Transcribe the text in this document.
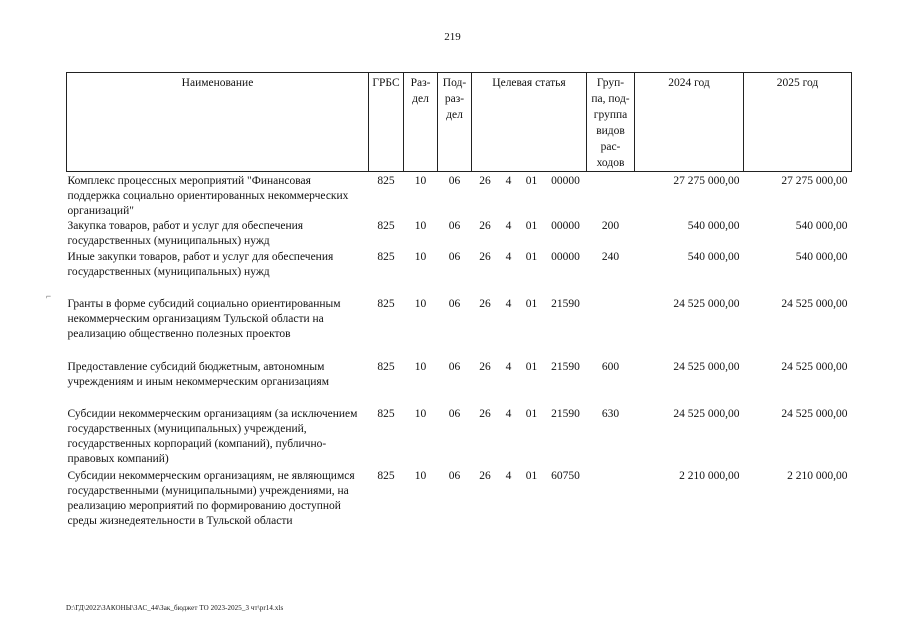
219
⌐
Наименование	ГРБС	Раз-дел	Под-раз-дел	Целевая статья				Груп-па, под-группа видов рас-ходов	2024 год	2025 год
Комплекс процессных мероприятий "Финансовая поддержка социально ориентированных некоммерческих организаций"	825	10	06	26	4	01	00000		27 275 000,00	27 275 000,00
Закупка товаров, работ и услуг для обеспечения государственных (муниципальных) нужд	825	10	06	26	4	01	00000	200	540 000,00	540 000,00
Иные закупки товаров, работ и услуг для обеспечения государственных (муниципальных) нужд	825	10	06	26	4	01	00000	240	540 000,00	540 000,00
Гранты в форме субсидий социально ориентированным некоммерческим организациям Тульской области на реализацию общественно полезных проектов	825	10	06	26	4	01	21590		24 525 000,00	24 525 000,00
Предоставление субсидий бюджетным, автономным учреждениям и иным некоммерческим организациям	825	10	06	26	4	01	21590	600	24 525 000,00	24 525 000,00
Субсидии некоммерческим организациям (за исключением государственных (муниципальных) учреждений, государственных корпораций (компаний), публично-правовых компаний)	825	10	06	26	4	01	21590	630	24 525 000,00	24 525 000,00
Субсидии некоммерческим организациям, не являющимся государственными (муниципальными) учреждениями, на реализацию мероприятий по формированию доступной среды жизнедеятельности в Тульской области	825	10	06	26	4	01	60750		2 210 000,00	2 210 000,00
D:\ГД\2022\ЗАКОНЫ\ЗАС_44\Зак_бюджет ТО 2023-2025_3 чт\pr14.xls
